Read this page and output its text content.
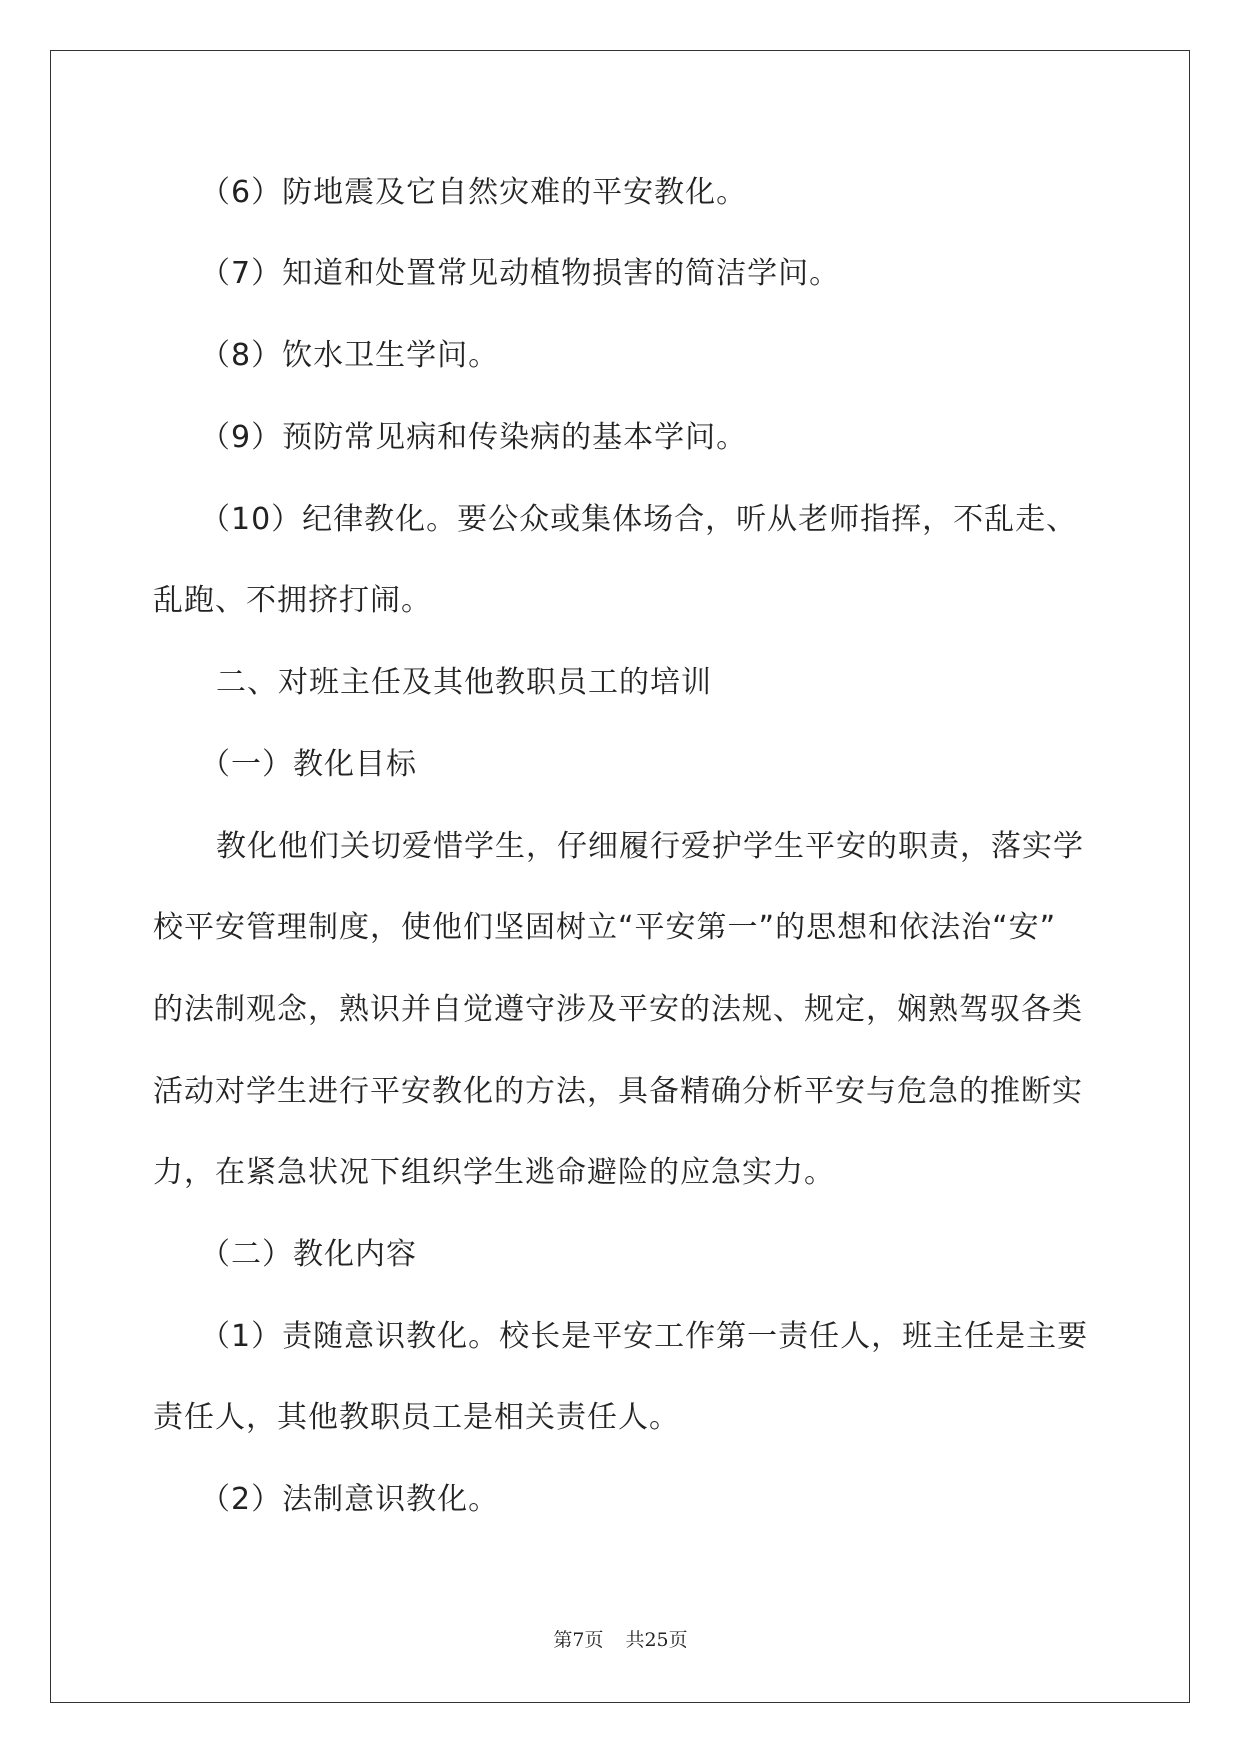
（6）防地震及它自然灾难的平安教化。
（7）知道和处置常见动植物损害的简洁学问。
（8）饮水卫生学问。
（9）预防常见病和传染病的基本学问。
（10）纪律教化。要公众或集体场合，听从老师指挥，不乱走、
乱跑、不拥挤打闹。
二、对班主任及其他教职员工的培训
（一）教化目标
教化他们关切爱惜学生，仔细履行爱护学生平安的职责，落实学
校平安管理制度，使他们坚固树立“平安第一”的思想和依法治“安”
的法制观念，熟识并自觉遵守涉及平安的法规、规定，娴熟驾驭各类
活动对学生进行平安教化的方法，具备精确分析平安与危急的推断实
力，在紧急状况下组织学生逃命避险的应急实力。
（二）教化内容
（1）责随意识教化。校长是平安工作第一责任人，班主任是主要
责任人，其他教职员工是相关责任人。
（2）法制意识教化。
第7页 共25页
